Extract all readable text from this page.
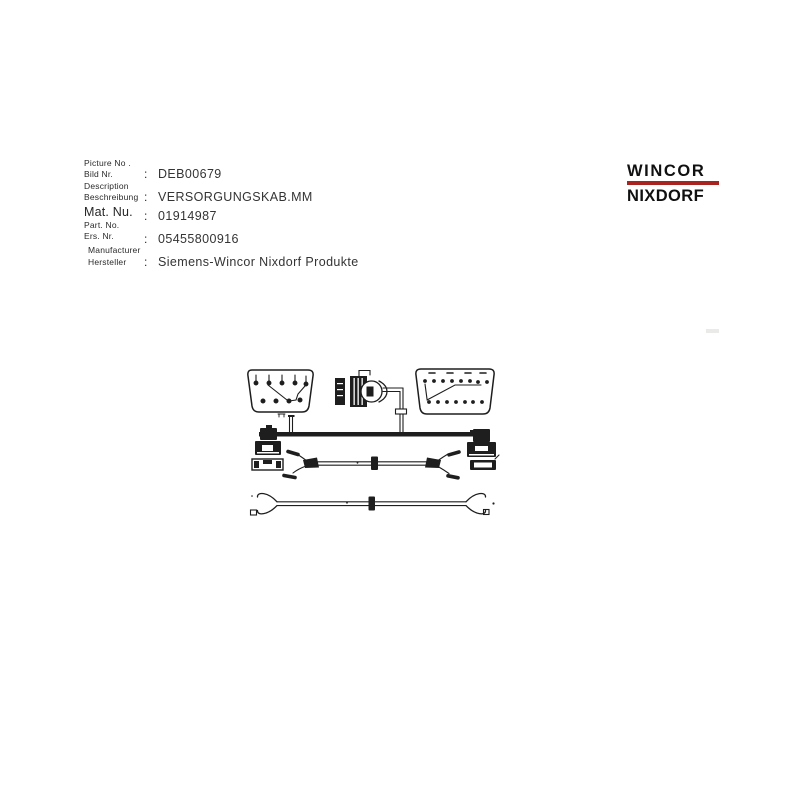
Picture No .
Bild Nr.	: DEB00679
Description
Beschreibung : VERSORGUNGSKAB.MM
Mat. Nu.
Part. No.
: 01914987
Ers. Nr.	: 05455800916
Manufacturer
Hersteller : Siemens-Wincor Nixdorf Produkte
WINCOR
NIXDORF
